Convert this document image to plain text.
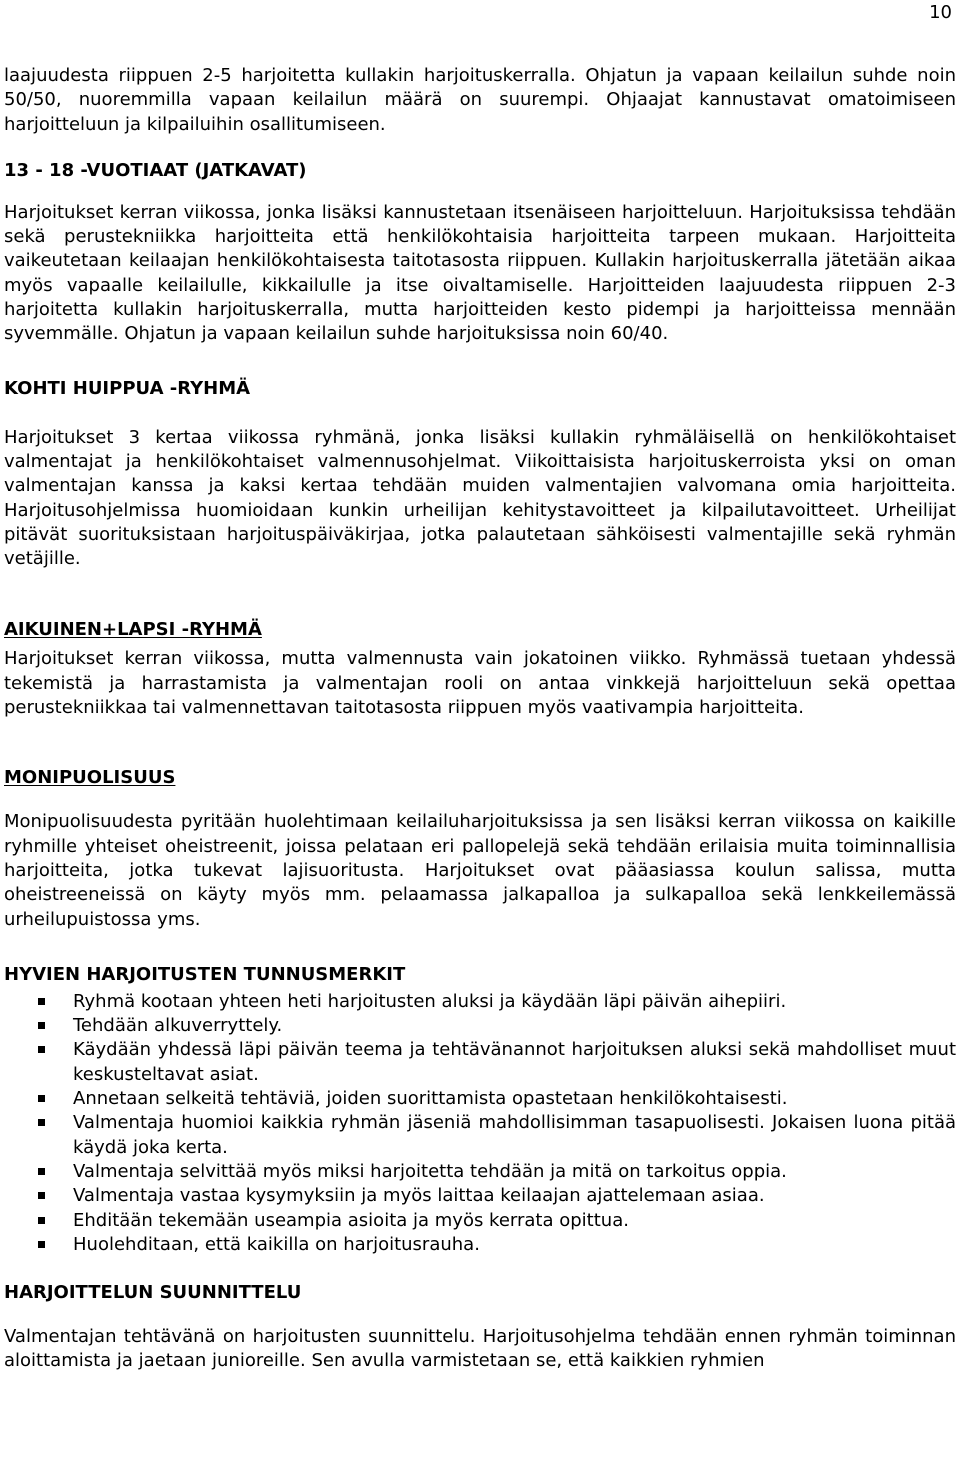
10

laajuudesta riippuen 2-5 harjoitetta kullakin harjoituskerralla. Ohjatun ja vapaan keilailun suhde noin 50/50, nuoremmilla vapaan keilailun määrä on suurempi. Ohjaajat kannustavat omatoimiseen harjoitteluun ja kilpailuihin osallitumiseen.

13 - 18 -VUOTIAAT (JATKAVAT)

Harjoitukset kerran viikossa, jonka lisäksi kannustetaan itsenäiseen harjoitteluun. Harjoituksissa tehdään sekä perustekniikka harjoitteita että henkilökohtaisia harjoitteita tarpeen mukaan. Harjoitteita vaikeutetaan keilaajan henkilökohtaisesta taitotasosta riippuen. Kullakin harjoituskerralla jätetään aikaa myös vapaalle keilailulle, kikkailulle ja itse oivaltamiselle. Harjoitteiden laajuudesta riippuen 2-3 harjoitetta kullakin harjoituskerralla, mutta harjoitteiden kesto pidempi ja harjoitteissa mennään syvemmälle. Ohjatun ja vapaan keilailun suhde harjoituksissa noin 60/40.

KOHTI HUIPPUA -RYHMÄ

Harjoitukset 3 kertaa viikossa ryhmänä, jonka lisäksi kullakin ryhmäläisellä on henkilökohtaiset valmentajat ja henkilökohtaiset valmennusohjelmat. Viikoittaisista harjoituskerroista yksi on oman valmentajan kanssa ja kaksi kertaa tehdään muiden valmentajien valvomana omia harjoitteita. Harjoitusohjelmissa huomioidaan kunkin urheilijan kehitystavoitteet ja kilpailutavoitteet. Urheilijat pitävät suorituksistaan harjoituspäiväkirjaa, jotka palautetaan sähköisesti valmentajille sekä ryhmän vetäjille.

AIKUINEN+LAPSI -RYHMÄ

Harjoitukset kerran viikossa, mutta valmennusta vain jokatoinen viikko. Ryhmässä tuetaan yhdessä tekemistä ja harrastamista ja valmentajan rooli on antaa vinkkejä harjoitteluun sekä opettaa perustekniikkaa tai valmennettavan taitotasosta riippuen myös vaativampia harjoitteita.

MONIPUOLISUUS

Monipuolisuudesta pyritään huolehtimaan keilailuharjoituksissa ja sen lisäksi kerran viikossa on kaikille ryhmille yhteiset oheistreenit, joissa pelataan eri pallopelejä sekä tehdään erilaisia muita toiminnallisia harjoitteita, jotka tukevat lajisuoritusta. Harjoitukset ovat pääasiassa koulun salissa, mutta oheistreeneissä on käyty myös mm. pelaamassa jalkapalloa ja sulkapalloa sekä lenkkeilemässä urheilupuistossa yms.

HYVIEN HARJOITUSTEN TUNNUSMERKIT
Ryhmä kootaan yhteen heti harjoitusten aluksi ja käydään läpi päivän aihepiiri.
Tehdään alkuverryttely.
Käydään yhdessä läpi päivän teema ja tehtävänannot harjoituksen aluksi sekä mahdolliset muut keskusteltavat asiat.
Annetaan selkeitä tehtäviä, joiden suorittamista opastetaan henkilökohtaisesti.
Valmentaja huomioi kaikkia ryhmän jäseniä mahdollisimman tasapuolisesti. Jokaisen luona pitää käydä joka kerta.
Valmentaja selvittää myös miksi harjoitetta tehdään ja mitä on tarkoitus oppia.
Valmentaja vastaa kysymyksiin ja myös laittaa keilaajan ajattelemaan asiaa.
Ehditään tekemään useampia asioita ja myös kerrata opittua.
Huolehditaan, että kaikilla on harjoitusrauha.
HARJOITTELUN SUUNNITTELU

Valmentajan tehtävänä on harjoitusten suunnittelu. Harjoitusohjelma tehdään ennen ryhmän toiminnan aloittamista ja jaetaan junioreille. Sen avulla varmistetaan se, että kaikkien ryhmien
